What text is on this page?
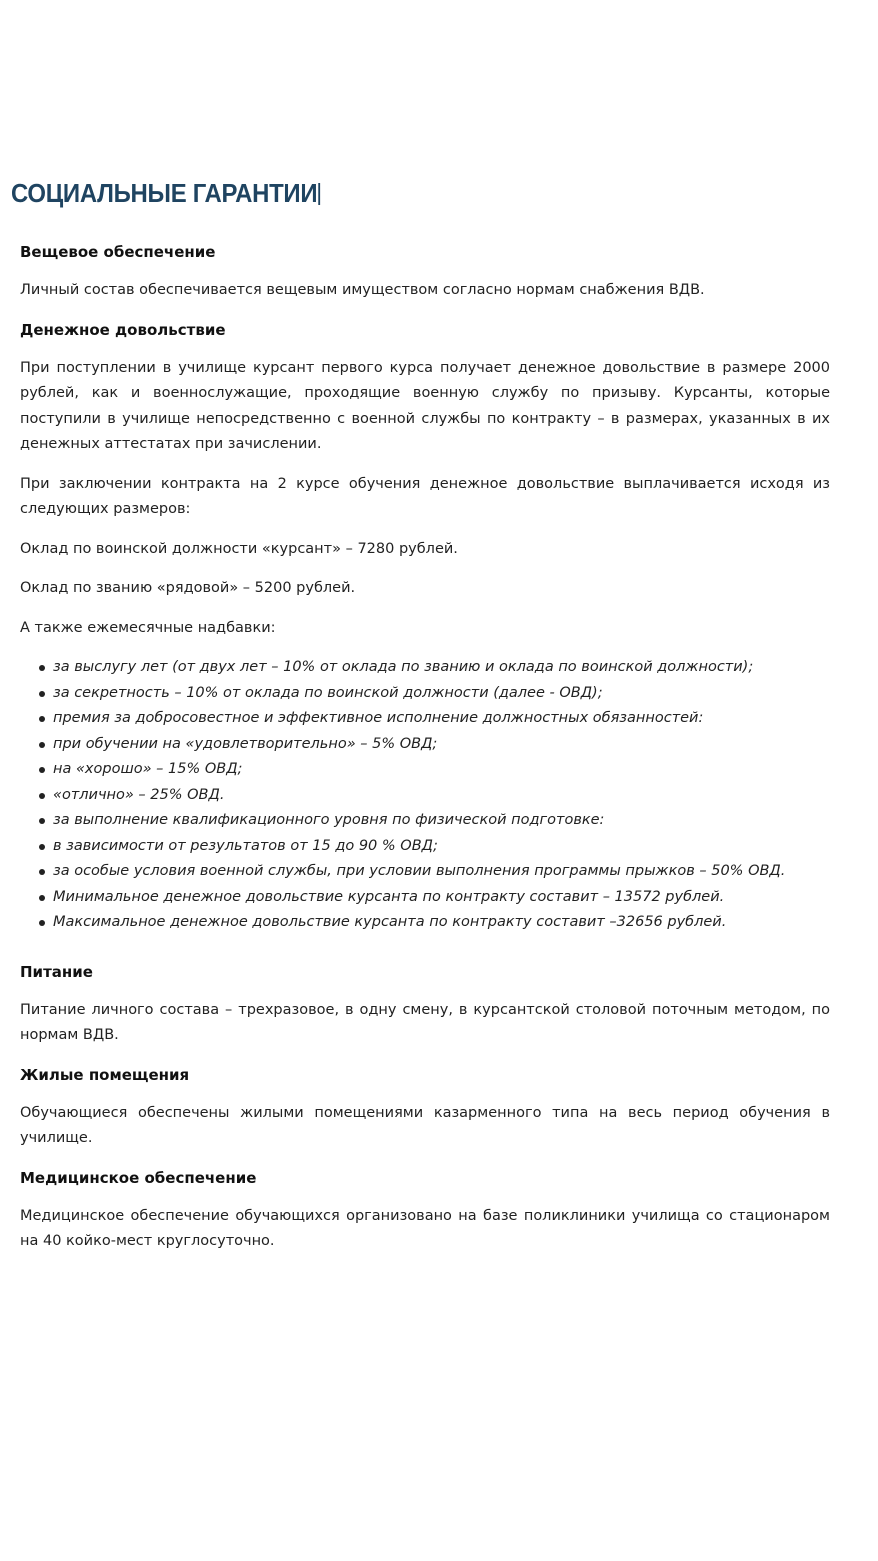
СОЦИАЛЬНЫЕ ГАРАНТИИ
Вещевое обеспечение

Личный состав обеспечивается вещевым имуществом согласно нормам снабжения ВДВ.

Денежное довольствие

При поступлении в училище курсант первого курса получает денежное довольствие в размере 2000 рублей, как и военнослужащие, проходящие военную службу по призыву. Курсанты, которые поступили в училище непосредственно с военной службы по контракту – в размерах, указанных в их денежных аттестатах при зачислении.

При заключении контракта на 2 курсе обучения денежное довольствие выплачивается исходя из следующих размеров:

Оклад по воинской должности «курсант» – 7280 рублей.

Оклад по званию «рядовой» – 5200 рублей.

А также ежемесячные надбавки:

за выслугу лет (от двух лет – 10% от оклада по званию и оклада по воинской должности);
за секретность – 10% от оклада по воинской должности (далее - ОВД);
премия за добросовестное и эффективное исполнение должностных обязанностей:
при обучении на «удовлетворительно» – 5% ОВД;
на «хорошо» – 15% ОВД;
«отлично» – 25% ОВД.
за выполнение квалификационного уровня по физической подготовке:
в зависимости от результатов от 15 до 90 % ОВД;
за особые условия военной службы, при условии выполнения программы прыжков – 50% ОВД.
Минимальное денежное довольствие курсанта по контракту составит – 13572 рублей.
Максимальное денежное довольствие курсанта по контракту составит –32656 рублей.
Питание

Питание личного состава – трехразовое, в одну смену, в курсантской столовой поточным методом, по нормам ВДВ.

Жилые помещения

Обучающиеся обеспечены жилыми помещениями казарменного типа на весь период обучения в училище.

Медицинское обеспечение

Медицинское обеспечение обучающихся организовано на базе поликлиники училища со стационаром на 40 койко-мест круглосуточно.
